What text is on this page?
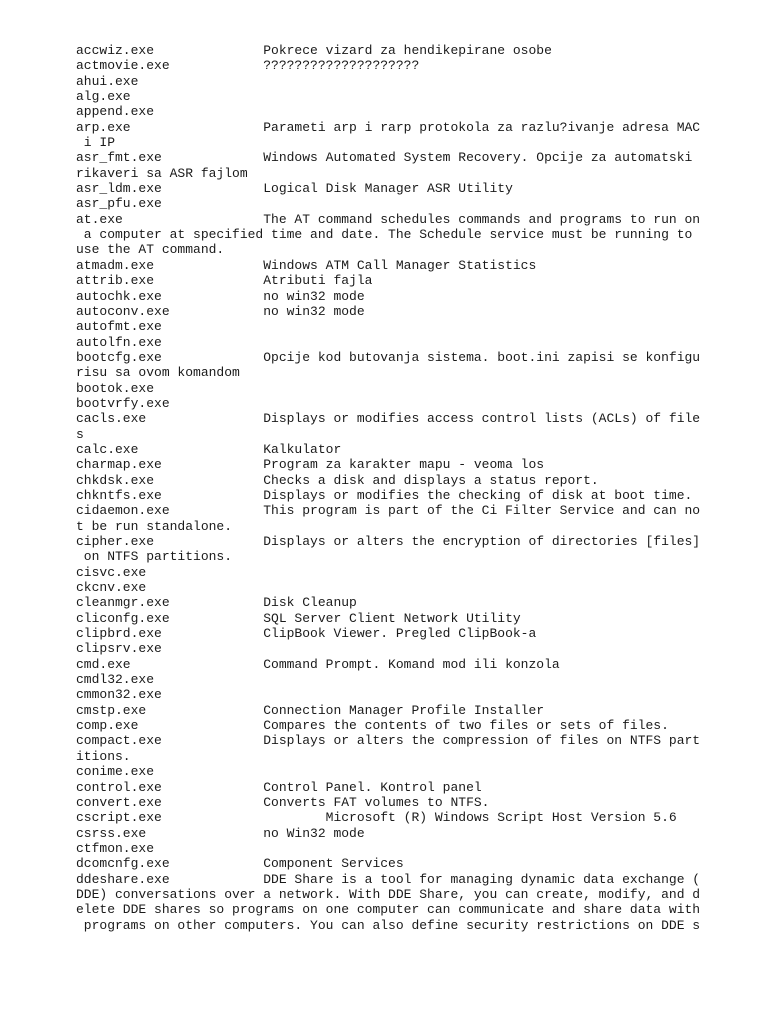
accwiz.exe              Pokrece vizard za hendikepirane osobe
actmovie.exe            ????????????????????
ahui.exe
alg.exe
append.exe
arp.exe                 Parameti arp i rarp protokola za razlu?ivanje adresa MAC
i IP
asr_fmt.exe             Windows Automated System Recovery. Opcije za automatski
rikaveri sa ASR fajlom
asr_ldm.exe             Logical Disk Manager ASR Utility
asr_pfu.exe
at.exe                  The AT command schedules commands and programs to run on
a computer at specified time and date. The Schedule service must be running to
use the AT command.
atmadm.exe              Windows ATM Call Manager Statistics
attrib.exe              Atributi fajla
autochk.exe             no win32 mode
autoconv.exe            no win32 mode
autofmt.exe
autolfn.exe
bootcfg.exe             Opcije kod butovanja sistema. boot.ini zapisi se konfigu
risu sa ovom komandom
bootok.exe
bootvrfy.exe
cacls.exe               Displays or modifies access control lists (ACLs) of file
s
calc.exe                Kalkulator
charmap.exe             Program za karakter mapu - veoma los
chkdsk.exe              Checks a disk and displays a status report.
chkntfs.exe             Displays or modifies the checking of disk at boot time.
cidaemon.exe            This program is part of the Ci Filter Service and can no
t be run standalone.
cipher.exe              Displays or alters the encryption of directories [files]
on NTFS partitions.
cisvc.exe
ckcnv.exe
cleanmgr.exe            Disk Cleanup
cliconfg.exe            SQL Server Client Network Utility
clipbrd.exe             ClipBook Viewer. Pregled ClipBook-a
clipsrv.exe
cmd.exe                 Command Prompt. Komand mod ili konzola
cmdl32.exe
cmmon32.exe
cmstp.exe               Connection Manager Profile Installer
comp.exe                Compares the contents of two files or sets of files.
compact.exe             Displays or alters the compression of files on NTFS part
itions.
conime.exe
control.exe             Control Panel. Kontrol panel
convert.exe             Converts FAT volumes to NTFS.
cscript.exe                     Microsoft (R) Windows Script Host Version 5.6
csrss.exe               no Win32 mode
ctfmon.exe
dcomcnfg.exe            Component Services
ddeshare.exe            DDE Share is a tool for managing dynamic data exchange (
DDE) conversations over a network. With DDE Share, you can create, modify, and d
elete DDE shares so programs on one computer can communicate and share data with
programs on other computers. You can also define security restrictions on DDE s
